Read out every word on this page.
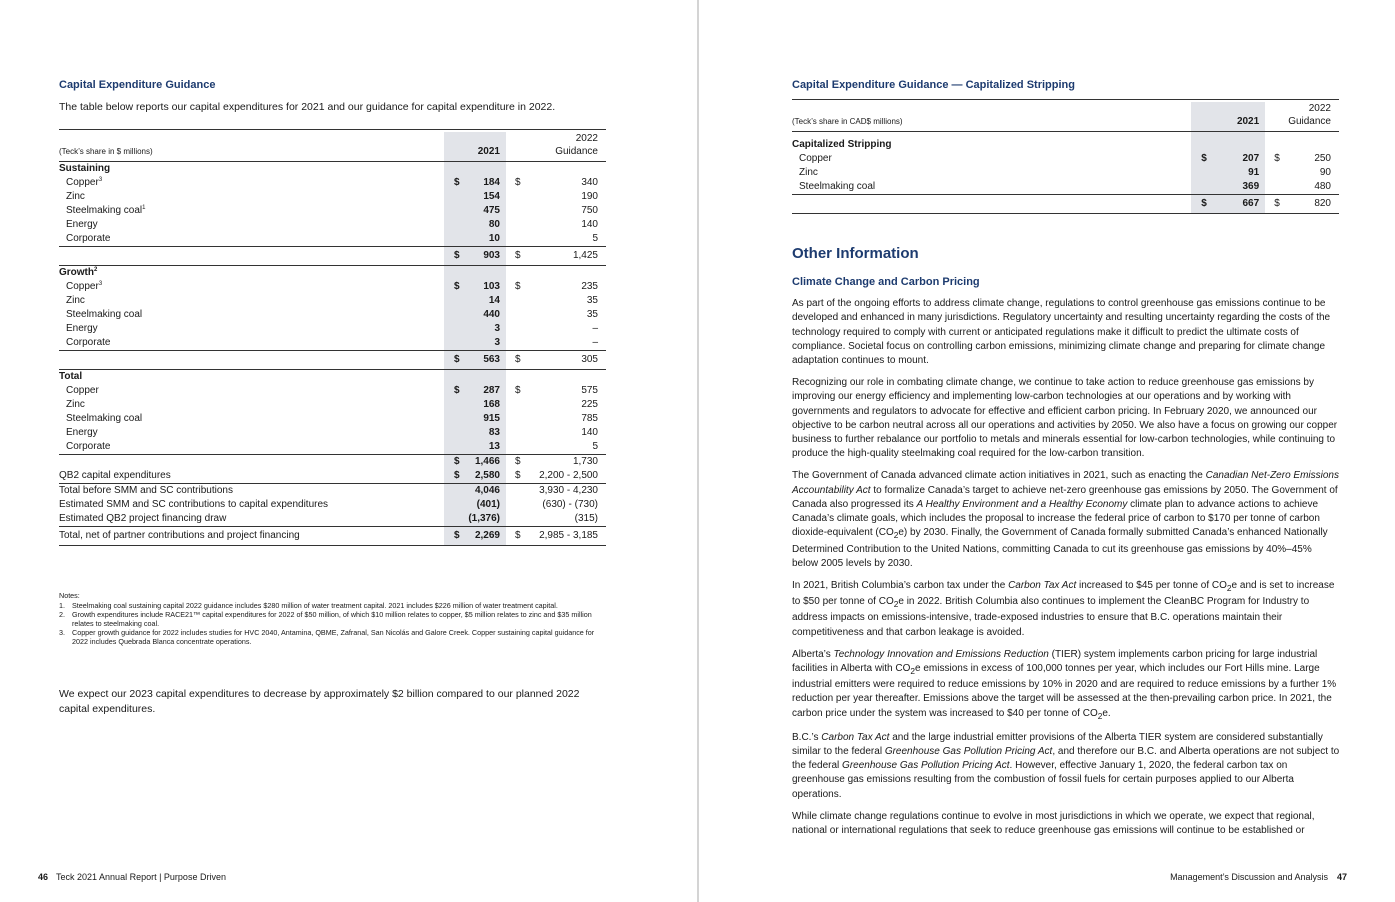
Capital Expenditure Guidance
The table below reports our capital expenditures for 2021 and our guidance for capital expenditure in 2022.

(Teck’s share in $ millions)		2021		2022
Guidance

Sustaining				
Copper$^3$	$	184	$	340
Zinc		154		190
Steelmaking coal$^1$		475		750
Energy		80		140
Corporate		10		5
	$	903	$	1,425
Growth$^2$				
Copper$^3$	$	103	$	235
Zinc		14		35
Steelmaking coal		440		35
Energy		3		–
Corporate		3		–
	$	563	$	305
Total				
Copper	$	287	$	575
Zinc		168		225
Steelmaking coal		915		785
Energy		83		140
Corporate		13		5
	$	1,466	$	1,730
QB2 capital expenditures	$	2,580	$	2,200 - 2,500
Total before SMM and SC contributions		4,046		3,930 - 4,230
Estimated SMM and SC contributions to capital expenditures		(401)		(630) - (730)
Estimated QB2 project financing draw		(1,376)		(315)
Total, net of partner contributions and project financing	$	2,269	$	2,985 - 3,185
Notes:
1. Steelmaking coal sustaining capital 2022 guidance includes $280 million of water treatment capital. 2021 includes $226 million of water treatment capital.
2. Growth expenditures include RACE21™ capital expenditures for 2022 of $50 million, of which $10 million relates to copper, $5 million relates to zinc and $35 million relates to steelmaking coal.
3. Copper growth guidance for 2022 includes studies for HVC 2040, Antamina, QBME, Zafranal, San Nicolás and Galore Creek. Copper sustaining capital guidance for 2022 includes Quebrada Blanca concentrate operations.
We expect our 2023 capital expenditures to decrease by approximately $2 billion compared to our planned 2022 capital expenditures.
46 Teck 2021 Annual Report | Purpose Driven
Capital Expenditure Guidance — Capitalized Stripping

(Teck’s share in CAD$ millions)		2021		2022
Guidance

Capitalized Stripping				
Copper	$	207	$	250
Zinc		91		90
Steelmaking coal		369		480
	$	667	$	820
Other Information
Climate Change and Carbon Pricing

As part of the ongoing efforts to address climate change, regulations to control greenhouse gas emissions continue to be developed and enhanced in many jurisdictions. Regulatory uncertainty and resulting uncertainty regarding the costs of the technology required to comply with current or anticipated regulations make it difficult to predict the ultimate costs of compliance. Societal focus on controlling carbon emissions, minimizing climate change and preparing for climate change adaptation continues to mount.

Recognizing our role in combating climate change, we continue to take action to reduce greenhouse gas emissions by improving our energy efficiency and implementing low-carbon technologies at our operations and by working with governments and regulators to advocate for effective and efficient carbon pricing. In February 2020, we announced our objective to be carbon neutral across all our operations and activities by 2050. We also have a focus on growing our copper business to further rebalance our portfolio to metals and minerals essential for low-carbon technologies, while continuing to produce the high-quality steelmaking coal required for the low-carbon transition.

The Government of Canada advanced climate action initiatives in 2021, such as enacting the Canadian Net-Zero Emissions Accountability Act to formalize Canada’s target to achieve net-zero greenhouse gas emissions by 2050. The Government of Canada also progressed its A Healthy Environment and a Healthy Economy climate plan to advance actions to achieve Canada’s climate goals, which includes the proposal to increase the federal price of carbon to $170 per tonne of carbon dioxide-equivalent $(CO_2e)$ by 2030. Finally, the Government of Canada formally submitted Canada’s enhanced Nationally Determined Contribution to the United Nations, committing Canada to cut its greenhouse gas emissions by 40%–45% below 2005 levels by 2030.

In 2021, British Columbia’s carbon tax under the Carbon Tax Act increased to $45 per tonne of $CO_2e$ and is set to increase to $50 per tonne of $CO_2e$ in 2022. British Columbia also continues to implement the CleanBC Program for Industry to address impacts on emissions-intensive, trade-exposed industries to ensure that B.C. operations maintain their competitiveness and that carbon leakage is avoided.

Alberta’s Technology Innovation and Emissions Reduction (TIER) system implements carbon pricing for large industrial facilities in Alberta with $CO_2e$ emissions in excess of 100,000 tonnes per year, which includes our Fort Hills mine. Large industrial emitters were required to reduce emissions by 10% in 2020 and are required to reduce emissions by a further 1% reduction per year thereafter. Emissions above the target will be assessed at the then-prevailing carbon price. In 2021, the carbon price under the system was increased to $40 per tonne of $CO_2e$.

B.C.’s Carbon Tax Act and the large industrial emitter provisions of the Alberta TIER system are considered substantially similar to the federal Greenhouse Gas Pollution Pricing Act, and therefore our B.C. and Alberta operations are not subject to the federal Greenhouse Gas Pollution Pricing Act. However, effective January 1, 2020, the federal carbon tax on greenhouse gas emissions resulting from the combustion of fossil fuels for certain purposes applied to our Alberta operations.

While climate change regulations continue to evolve in most jurisdictions in which we operate, we expect that regional, national or international regulations that seek to reduce greenhouse gas emissions will continue to be established or

Management’s Discussion and Analysis 47
